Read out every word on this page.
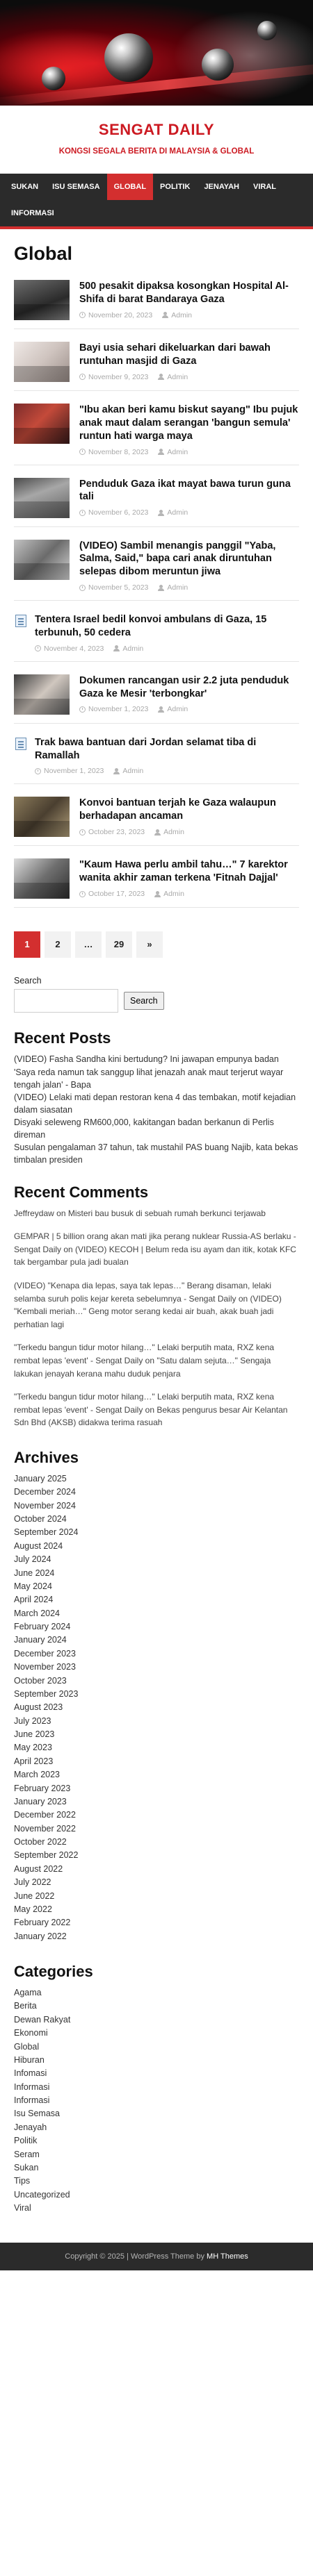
SENGAT DAILY
KONGSI SEGALA BERITA DI MALAYSIA & GLOBAL
SUKAN	ISU SEMASA	GLOBAL	POLITIK	JENAYAH	VIRAL
INFORMASI
Global
500 pesakit dipaksa kosongkan Hospital Al-Shifa di barat Bandaraya Gaza
November 20, 2023	Admin
Bayi usia sehari dikeluarkan dari bawah runtuhan masjid di Gaza
November 9, 2023	Admin
"Ibu akan beri kamu biskut sayang" Ibu pujuk anak maut dalam serangan 'bangun semula' runtun hati warga maya
November 8, 2023	Admin
Penduduk Gaza ikat mayat bawa turun guna tali
November 6, 2023	Admin
(VIDEO) Sambil menangis panggil "Yaba, Salma, Said," bapa cari anak diruntuhan selepas dibom meruntun jiwa
November 5, 2023	Admin
Tentera Israel bedil konvoi ambulans di Gaza, 15 terbunuh, 50 cedera
November 4, 2023	Admin
Dokumen rancangan usir 2.2 juta penduduk Gaza ke Mesir 'terbongkar'
November 1, 2023	Admin
Trak bawa bantuan dari Jordan selamat tiba di Ramallah
November 1, 2023	Admin
Konvoi bantuan terjah ke Gaza walaupun berhadapan ancaman
October 23, 2023	Admin
"Kaum Hawa perlu ambil tahu…" 7 karektor wanita akhir zaman terkena 'Fitnah Dajjal'
October 17, 2023	Admin
1	2	…	29	»
Search
Search
Recent Posts
(VIDEO) Fasha Sandha kini bertudung? Ini jawapan empunya badan
'Saya reda namun tak sanggup lihat jenazah anak maut terjerut wayar tengah jalan' - Bapa
(VIDEO) Lelaki mati depan restoran kena 4 das tembakan, motif kejadian dalam siasatan
Disyaki seleweng RM600,000, kakitangan badan berkanun di Perlis direman
Susulan pengalaman 37 tahun, tak mustahil PAS buang Najib, kata bekas timbalan presiden
Recent Comments
Jeffreydaw on Misteri bau busuk di sebuah rumah berkunci terjawab
GEMPAR | 5 billion orang akan mati jika perang nuklear Russia-AS berlaku - Sengat Daily on (VIDEO) KECOH | Belum reda isu ayam dan itik, kotak KFC tak bergambar pula jadi bualan
(VIDEO) "Kenapa dia lepas, saya tak lepas…" Berang disaman, lelaki selamba suruh polis kejar kereta sebelumnya - Sengat Daily on (VIDEO) "Kembali meriah…" Geng motor serang kedai air buah, akak buah jadi perhatian lagi
"Terkedu bangun tidur motor hilang…" Lelaki berputih mata, RXZ kena rembat lepas 'event' - Sengat Daily on "Satu dalam sejuta…" Sengaja lakukan jenayah kerana mahu duduk penjara
"Terkedu bangun tidur motor hilang…" Lelaki berputih mata, RXZ kena rembat lepas 'event' - Sengat Daily on Bekas pengurus besar Air Kelantan Sdn Bhd (AKSB) didakwa terima rasuah
Archives
January 2025
December 2024
November 2024
October 2024
September 2024
August 2024
July 2024
June 2024
May 2024
April 2024
March 2024
February 2024
January 2024
December 2023
November 2023
October 2023
September 2023
August 2023
July 2023
June 2023
May 2023
April 2023
March 2023
February 2023
January 2023
December 2022
November 2022
October 2022
September 2022
August 2022
July 2022
June 2022
May 2022
February 2022
January 2022
Categories
Agama
Berita
Dewan Rakyat
Ekonomi
Global
Hiburan
Infomasi
Informasi
Informasi
Isu Semasa
Jenayah
Politik
Seram
Sukan
Tips
Uncategorized
Viral
Copyright © 2025 | WordPress Theme by MH Themes
